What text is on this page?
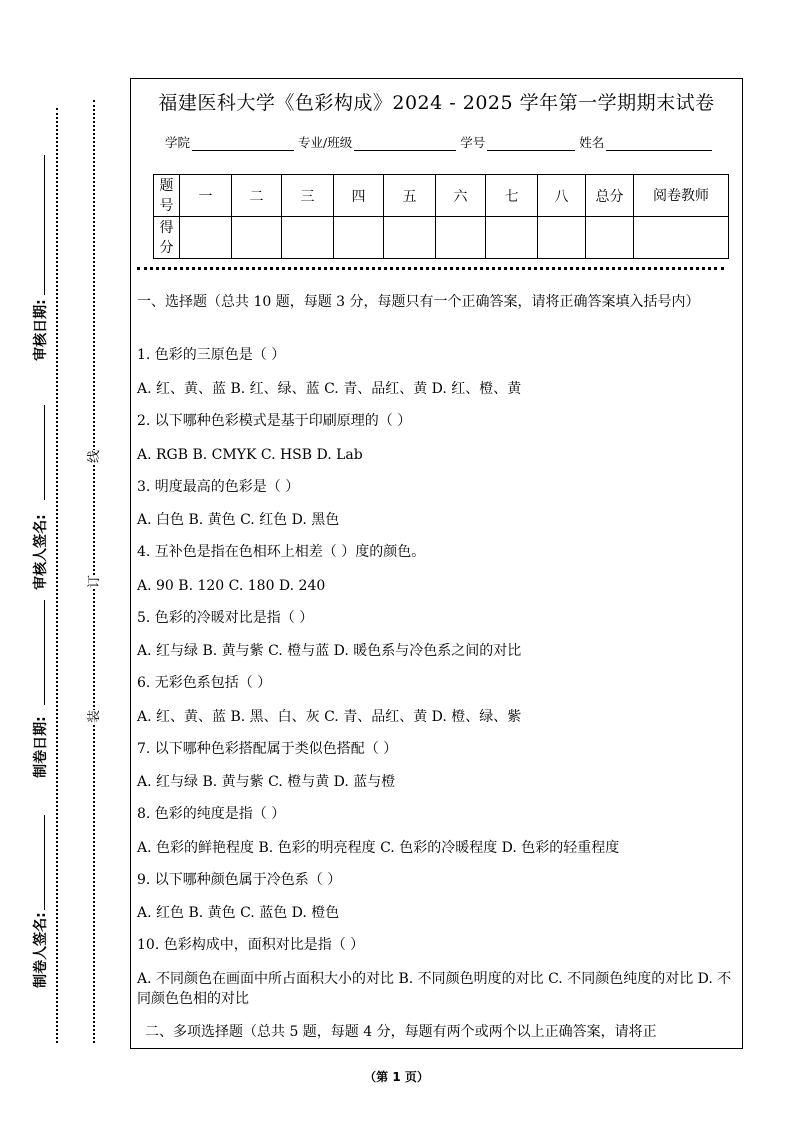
审核日期:
审核人签名:
制卷日期:
制卷人签名:
线
订
装
福建医科大学《色彩构成》2024 - 2025 学年第一学期期末试卷
学院	专业/班级	学号	姓名
题号	一	二	三	四	五	六	七	八	总分	阅卷教师
得分										
一、选择题（总共 10 题，每题 3 分，每题只有一个正确答案，请将正确答案填入括号内）
1. 色彩的三原色是（ ）
A. 红、黄、蓝 B. 红、绿、蓝 C. 青、品红、黄 D. 红、橙、黄
2. 以下哪种色彩模式是基于印刷原理的（ ）
A. RGB B. CMYK C. HSB D. Lab
3. 明度最高的色彩是（ ）
A. 白色 B. 黄色 C. 红色 D. 黑色
4. 互补色是指在色相环上相差（ ）度的颜色。
A. 90 B. 120 C. 180 D. 240
5. 色彩的冷暖对比是指（ ）
A. 红与绿 B. 黄与紫 C. 橙与蓝 D. 暖色系与冷色系之间的对比
6. 无彩色系包括（ ）
A. 红、黄、蓝 B. 黑、白、灰 C. 青、品红、黄 D. 橙、绿、紫
7. 以下哪种色彩搭配属于类似色搭配（ ）
A. 红与绿 B. 黄与紫 C. 橙与黄 D. 蓝与橙
8. 色彩的纯度是指（ ）
A. 色彩的鲜艳程度 B. 色彩的明亮程度 C. 色彩的冷暖程度 D. 色彩的轻重程度
9. 以下哪种颜色属于冷色系（ ）
A. 红色 B. 黄色 C. 蓝色 D. 橙色
10. 色彩构成中，面积对比是指（ ）
A. 不同颜色在画面中所占面积大小的对比 B. 不同颜色明度的对比 C. 不同颜色纯度的对比 D. 不同颜色色相的对比
二、多项选择题（总共 5 题，每题 4 分，每题有两个或两个以上正确答案，请将正
（第 1 页）
